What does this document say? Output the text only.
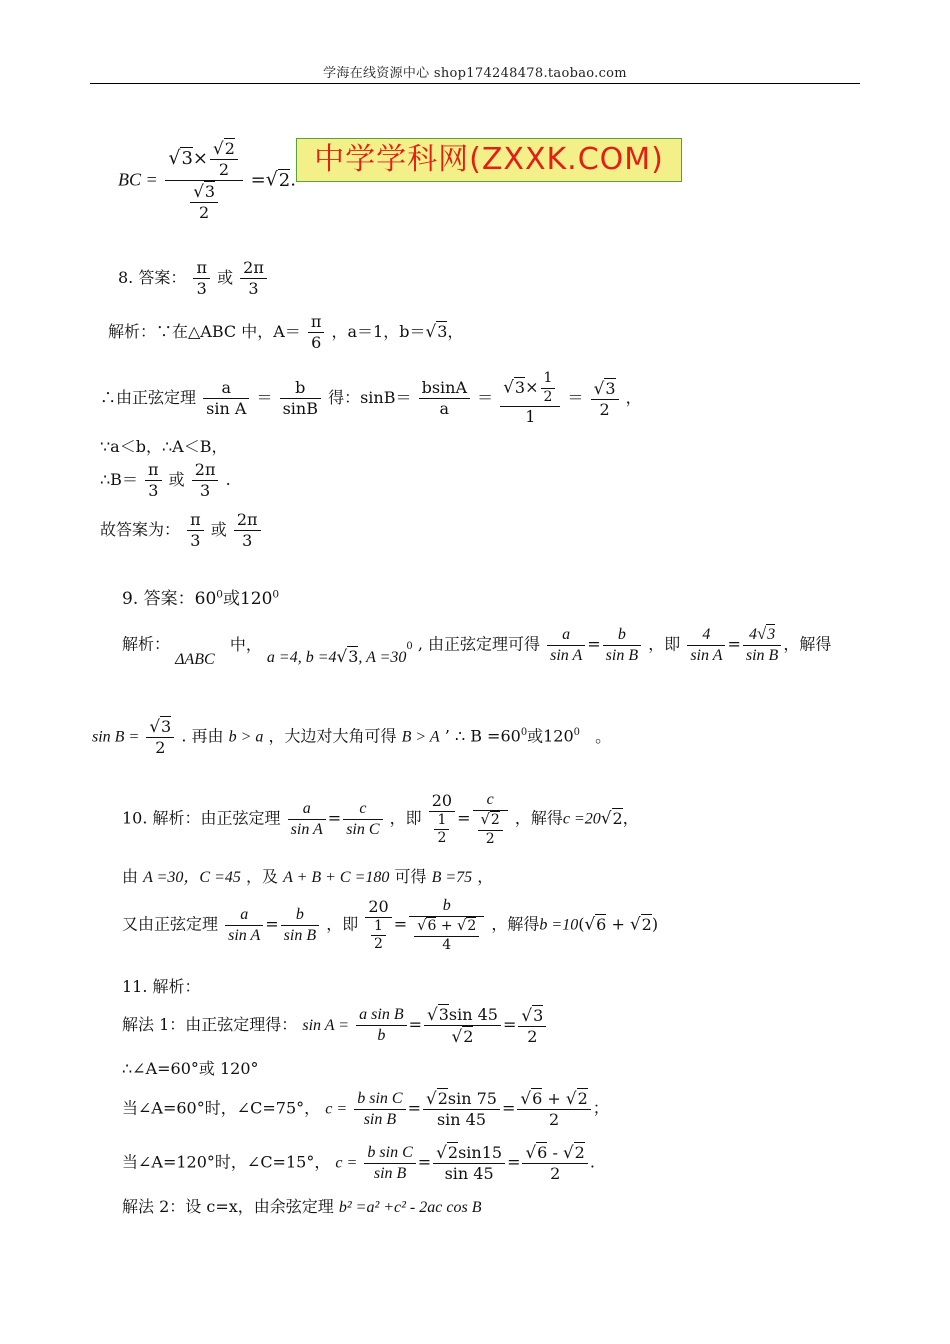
学海在线资源中心 shop174248478.taobao.com
BC = $\frac{√3\times \frac{√2}{2}}{\frac{√3}{2}} =√2$.
中学学科网(ZXXK.COM)
8. 答案： $\frac{\pi}{3}$ 或 $\frac{2\pi}{3}$
解析：∵在△ABC 中，$A= \frac{\pi}{6}$ ，a＝1，b＝√3，
∴由正弦定理 $\frac{a}{\text{sin A}} = \frac{b}{\sin B}$ 得：$\sin B= \frac{bsinA}{a} = \frac{√3\times \frac{1}{2}}{1} = \frac{√3}{2}$ ，
∵a＜b，∴A＜B，
∴B＝ $\frac{\pi}{3}$ 或 $\frac{2\pi}{3}$ .
故答案为： $\frac{\pi}{3}$ 或 $\frac{2\pi}{3}$
9. 答案：$60^0$或$120^0$
解析： ΔABC 中， a =4, b =4√3, $A =30^0$ , 由正弦定理可得 $\frac{a}{\text{sin A}} = \frac{b}{\text{sin B}}$ ，即 $\frac{4}{\text{sin A}} = \frac{4√3}{\text{sin B}}$ ，解得
$\sin B = \frac{√3}{2}$ . 再由 b > a ，大边对大角可得 B > A ’ ∴ $B =60^0$或$120^0$ 。
10. 解析：由正弦定理 $\frac{a}{\text{sin A}} = \frac{c}{\text{sin C}}$ ，即 $\frac{20}{\frac{1}{2}} = \frac{c}{\frac{√2}{2}}$ ，解得c =20√2，
由 A =30，C =45 ，及 A + B + C =180 可得 B =75 ，
又由正弦定理 $\frac{a}{\text{sin A}} = \frac{b}{\text{sin B}}$ ，即 $\frac{20}{\frac{1}{2}} = \frac{b}{\frac{√6 + √2}{4}}$ ，解得b =10(√6 + √2)
11. 解析：
解法 1：由正弦定理得： $\sin A = \frac{\text{a sin B}}{b} = \frac{√3\sin 45}{√2} = \frac{√3}{2}$
∴∠A=60°或 120°
当∠A=60°时，∠C=75°， $c = \frac{\text{b sin C}}{\text{sin B}} = \frac{√2\sin 75}{\sin 45} = \frac{√6 + √2}{2}$ ；
当∠A=120°时，∠C=15°， $c = \frac{\text{b sin C}}{\text{sin B}} = \frac{√2\sin 15}{\sin 45} = \frac{√6 - √2}{2}$ .
解法 2：设 c=x，由余弦定理 b² =a² +c² - 2ac cos B
